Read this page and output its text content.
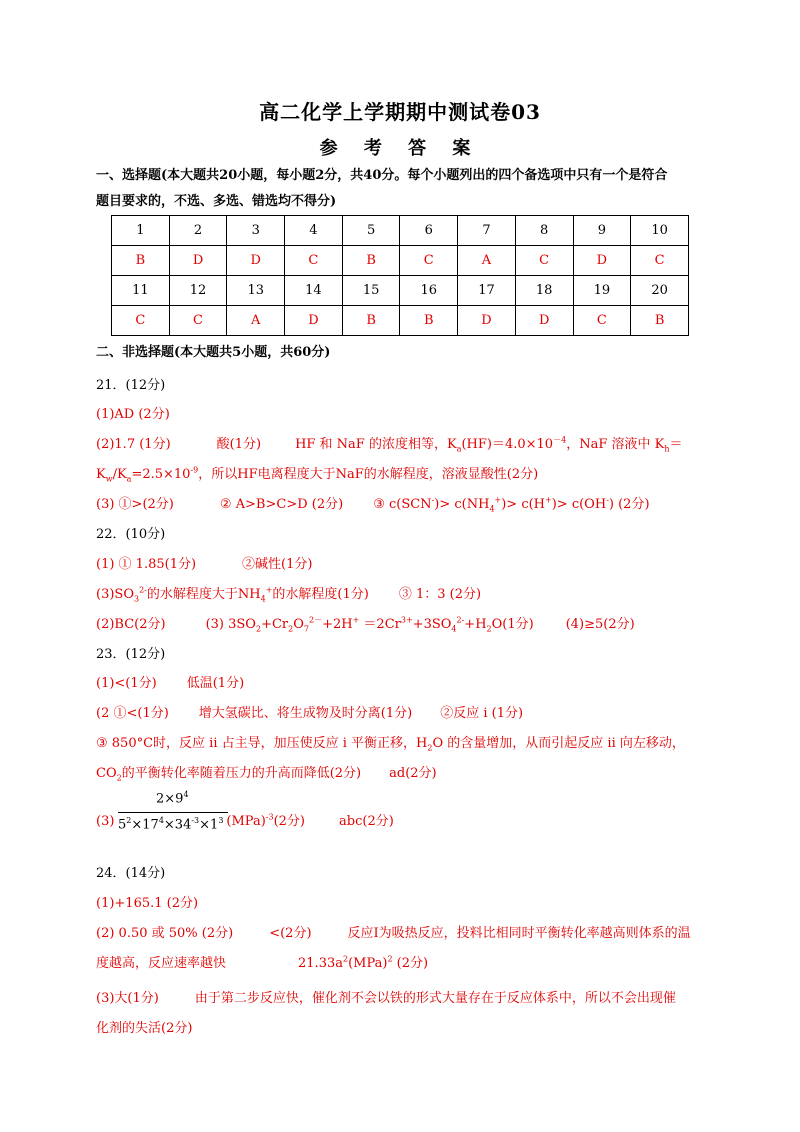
高二化学上学期期中测试卷03
参 考 答 案
一、选择题(本大题共20小题，每小题2分，共40分。每个小题列出的四个备选项中只有一个是符合
题目要求的，不选、多选、错选均不得分)
1	2	3	4	5	6	7	8	9	10
B	D	D	C	B	C	A	C	D	C
11	12	13	14	15	16	17	18	19	20
C	C	A	D	B	B	D	D	C	B
二、非选择题(本大题共5小题，共60分)
21．(12分)
(1)AD (2分)
(2)1.7 (1分)	酸(1分)	HF 和 NaF 的浓度相等，$K_a(HF)=4.0\times 10^{-4}$，NaF 溶液中 $K_h=$
$K_w/K_a=2.5\times 10^{-9}$，所以HF电离程度大于NaF的水解程度，溶液显酸性(2分)
(3) ①>(2分)	② A>B>C>D (2分) ③ $c(SCN^-)> c(NH_4^+)> c(H^+)> c(OH^-)$ (2分)
22．(10分)
(1) ① 1.85(1分)	②碱性(1分)
$(3)SO_3^{2-}$的水解程度大于$NH_4^+$的水解程度(1分) ③ 1：3 (2分)
(2)BC(2分)	(3) $3SO_2+Cr_2O_7^{2-}+2H^+ =2Cr^{3+}+3SO_4^{2-}+H_2O(1$分) (4)≥5(2分)
23．(12分)
(1)<(1分) 低温(1分)
(2 ①<(1分) 增大氢碳比、将生成物及时分离(1分) ②反应 i (1分)
③ 850°C时，反应 ii 占主导，加压使反应 i 平衡正移，$H_2O$ 的含量增加，从而引起反应 ii 向左移动，
$CO_2$的平衡转化率随着压力的升高而降低(2分) ad(2分)
$2\times 9^4$
$5^2\times 17^4\times 34^{-3}\times 1^3$
(3)	(MPa)$^{-3}$(2分)	abc(2分)
24．(14分)
(1)+165.1 (2分)
(2) 0.50 或 50% (2分)	<(2分)	反应Ⅰ为吸热反应，投料比相同时平衡转化率越高则体系的温
度越高，反应速率越快	$21.33a^2(MPa)^2$ (2分)
(3)大(1分)	由于第二步反应快，催化剂不会以铁的形式大量存在于反应体系中，所以不会出现催
化剂的失活(2分)
